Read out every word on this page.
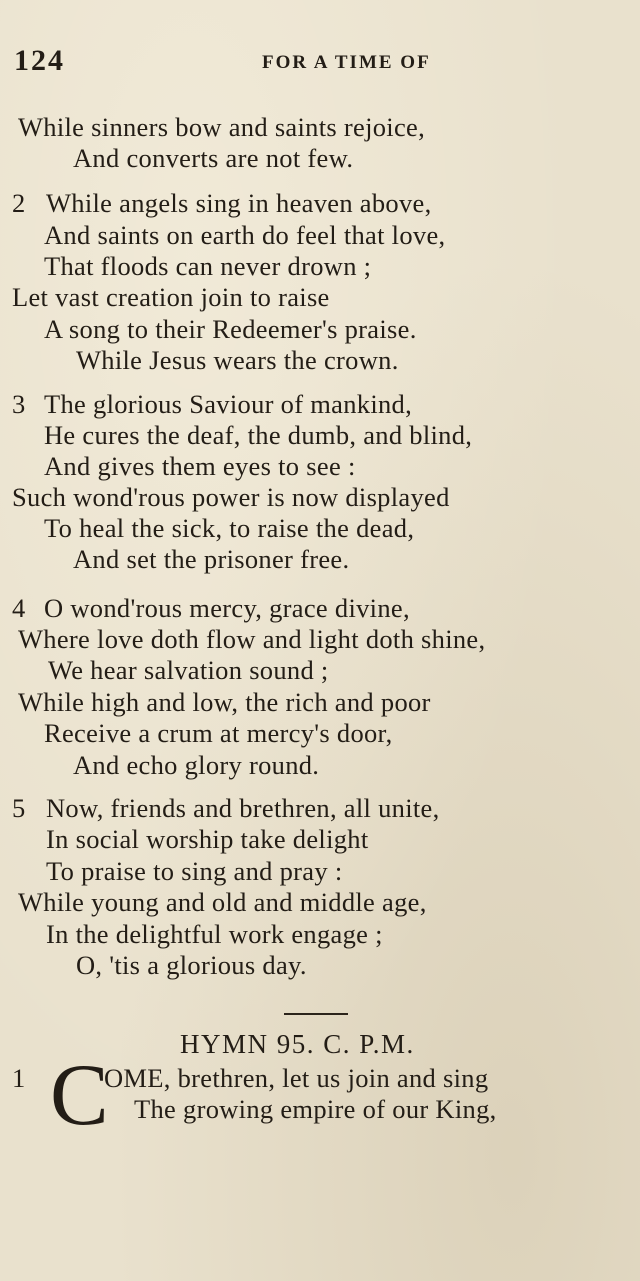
124	FOR A TIME OF
While sinners bow and saints rejoice,
And converts are not few.
2 While angels sing in heaven above,
And saints on earth do feel that love,
That floods can never drown ;
Let vast creation join to raise
A song to their Redeemer's praise.
While Jesus wears the crown.
3 The glorious Saviour of mankind,
He cures the deaf, the dumb, and blind,
And gives them eyes to see :
Such wond'rous power is now displayed
To heal the sick, to raise the dead,
And set the prisoner free.
4 O wond'rous mercy, grace divine,
Where love doth flow and light doth shine,
We hear salvation sound ;
While high and low, the rich and poor
Receive a crum at mercy's door,
And echo glory round.
5 Now, friends and brethren, all unite,
In social worship take delight
To praise to sing and pray :
While young and old and middle age,
In the delightful work engage ;
O, 'tis a glorious day.
HYMN 95. C. P.M.
1 C
OME, brethren, let us join and sing
The growing empire of our King,
